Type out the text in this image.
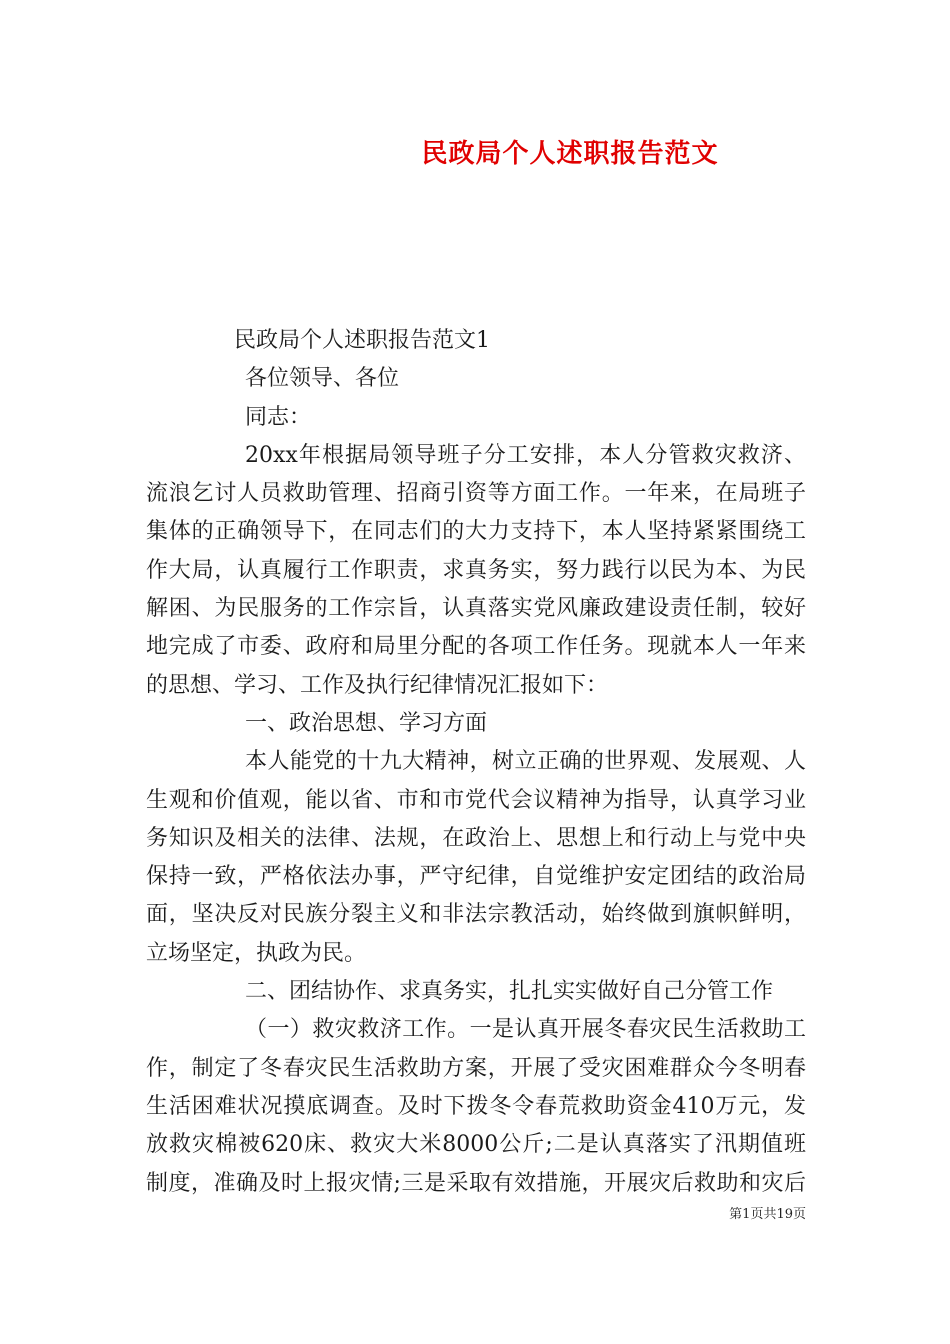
民政局个人述职报告范文

民政局个人述职报告范文1

各位领导、各位

同志：

20xx年根据局领导班子分工安排，本人分管救灾救济、

流浪乞讨人员救助管理、招商引资等方面工作。一年来，在局班子

集体的正确领导下，在同志们的大力支持下，本人坚持紧紧围绕工

作大局，认真履行工作职责，求真务实，努力践行以民为本、为民

解困、为民服务的工作宗旨，认真落实党风廉政建设责任制，较好

地完成了市委、政府和局里分配的各项工作任务。现就本人一年来

的思想、学习、工作及执行纪律情况汇报如下：

一、政治思想、学习方面

本人能党的十九大精神，树立正确的世界观、发展观、人

生观和价值观，能以省、市和市党代会议精神为指导，认真学习业

务知识及相关的法律、法规，在政治上、思想上和行动上与党中央

保持一致，严格依法办事，严守纪律，自觉维护安定团结的政治局

面，坚决反对民族分裂主义和非法宗教活动，始终做到旗帜鲜明，

立场坚定，执政为民。

二、团结协作、求真务实，扎扎实实做好自己分管工作

（一）救灾救济工作。一是认真开展冬春灾民生活救助工

作，制定了冬春灾民生活救助方案，开展了受灾困难群众今冬明春

生活困难状况摸底调查。及时下拨冬令春荒救助资金410万元，发

放救灾棉被620床、救灾大米8000公斤;二是认真落实了汛期值班

制度，准确及时上报灾情;三是采取有效措施，开展灾后救助和灾后

第1页共19页
